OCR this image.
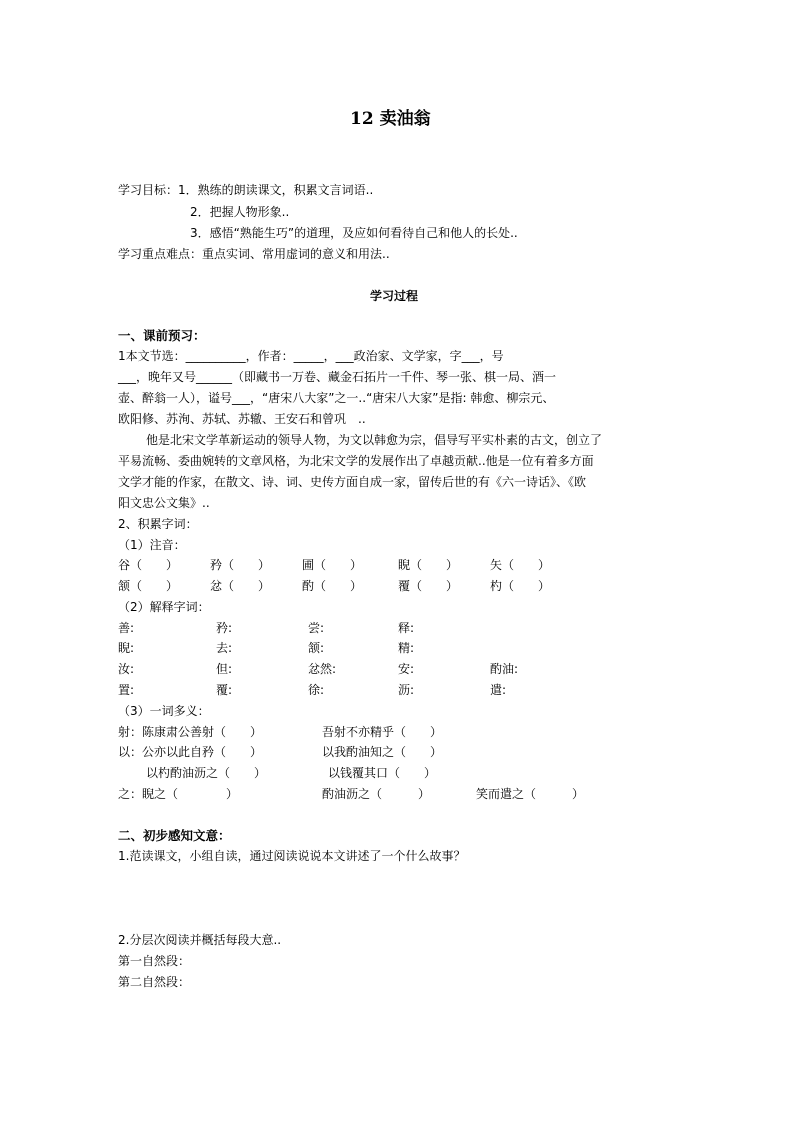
12 卖油翁
学习目标：1．熟练的朗读课文，积累文言词语..
2．把握人物形象..
3．感悟“熟能生巧”的道理，及应如何看待自己和他人的长处..
学习重点难点：重点实词、常用虚词的意义和用法..
学习过程
一、课前预习：
1本文节选：__________，作者：_____，___政治家、文学家，字___，号
___，晚年又号______（即藏书一万卷、藏金石拓片一千件、琴一张、棋一局、酒一
壶、醉翁一人），谥号___，“唐宋八大家”之一..“唐宋八大家”是指: 韩愈、柳宗元、
欧阳修、苏洵、苏轼、苏辙、王安石和曾巩　..
他是北宋文学革新运动的领导人物，为文以韩愈为宗，倡导写平实朴素的古文，创立了
平易流畅、委曲婉转的文章风格，为北宋文学的发展作出了卓越贡献..他是一位有着多方面
文学才能的作家，在散文、诗、词、史传方面自成一家，留传后世的有《六一诗话》、《欧
阳文忠公文集》..
2、积累字词：
（1）注音：
谷（　　）	矜（　　）	圃（　　）	睨（　　）	矢（　　）
颔（　　）	忿（　　）	酌（　　）	覆（　　）	杓（　　）
（2）解释字词：
善:	矜:	尝:	释:
睨:	去:	颔:	精:
汝:	但:	忿然:	安:	酌油:
置:	覆:	徐:	沥:	遣:
（3）一词多义：
射：陈康肃公善射（　　）	吾射不亦精乎（　　）
以：公亦以此自矜（　　）	以我酌油知之（　　）
以杓酌油沥之（　　）	以钱覆其口（　　）
之：睨之（　　　　）	酌油沥之（　　　）	笑而遣之（　　　）
二、初步感知文意：
1.范读课文，小组自读，通过阅读说说本文讲述了一个什么故事？
2.分层次阅读并概括每段大意..
第一自然段：
第二自然段：
